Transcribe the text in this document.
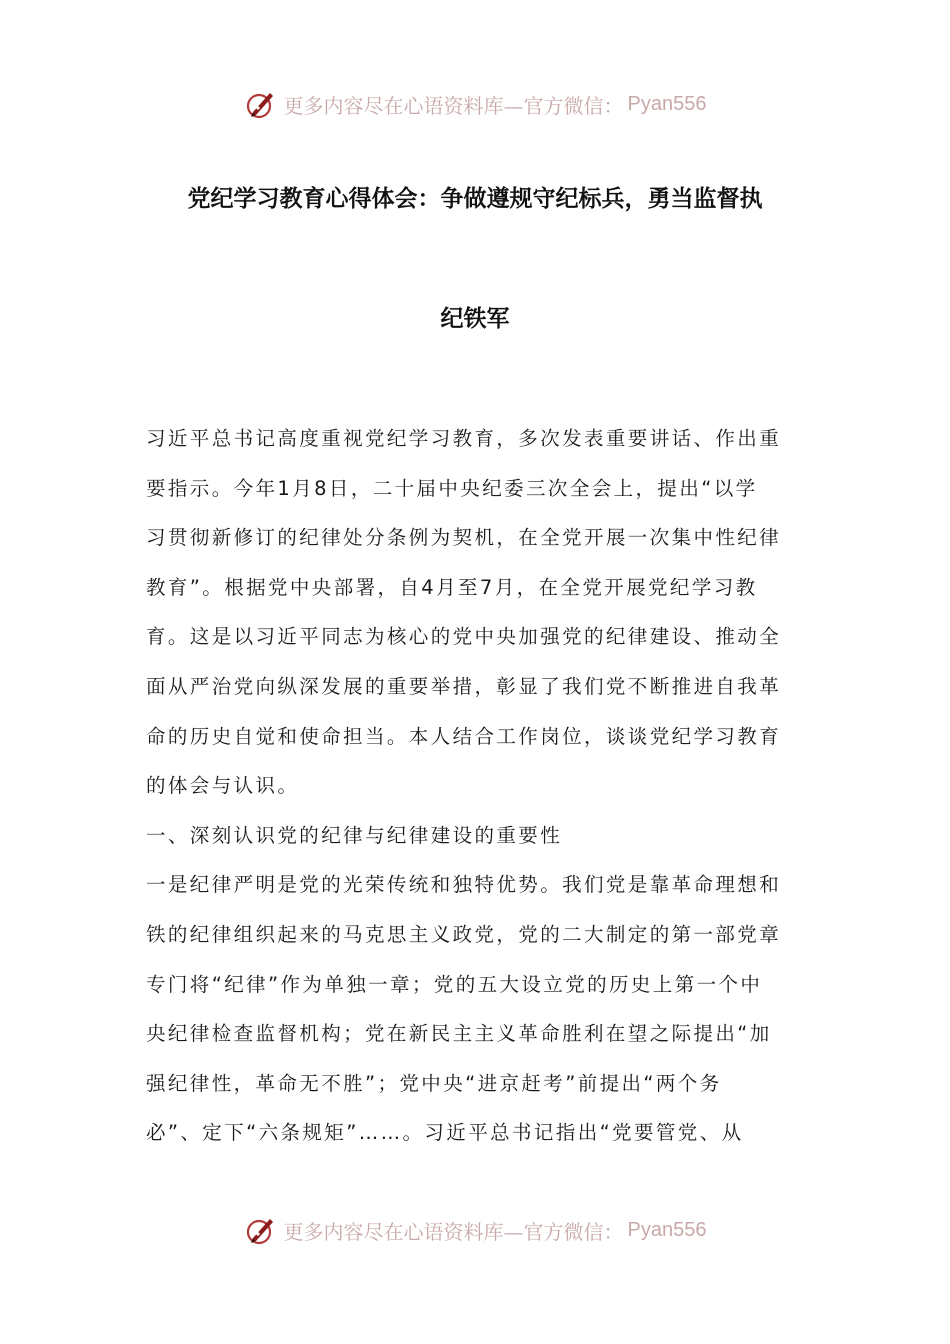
更多内容尽在心语资料库—官方微信： Pyan556
党纪学习教育心得体会：争做遵规守纪标兵，勇当监督执
纪铁军
习近平总书记高度重视党纪学习教育，多次发表重要讲话、作出重
要指示。今年1月8日，二十届中央纪委三次全会上，提出“以学
习贯彻新修订的纪律处分条例为契机，在全党开展一次集中性纪律
教育”。根据党中央部署，自4月至7月，在全党开展党纪学习教
育。这是以习近平同志为核心的党中央加强党的纪律建设、推动全
面从严治党向纵深发展的重要举措，彰显了我们党不断推进自我革
命的历史自觉和使命担当。本人结合工作岗位，谈谈党纪学习教育
的体会与认识。
一、深刻认识党的纪律与纪律建设的重要性
一是纪律严明是党的光荣传统和独特优势。我们党是靠革命理想和
铁的纪律组织起来的马克思主义政党，党的二大制定的第一部党章
专门将“纪律”作为单独一章；党的五大设立党的历史上第一个中
央纪律检查监督机构；党在新民主主义革命胜利在望之际提出“加
强纪律性，革命无不胜”；党中央“进京赶考”前提出“两个务
必”、定下“六条规矩”……。习近平总书记指出“党要管党、从
更多内容尽在心语资料库—官方微信： Pyan556
